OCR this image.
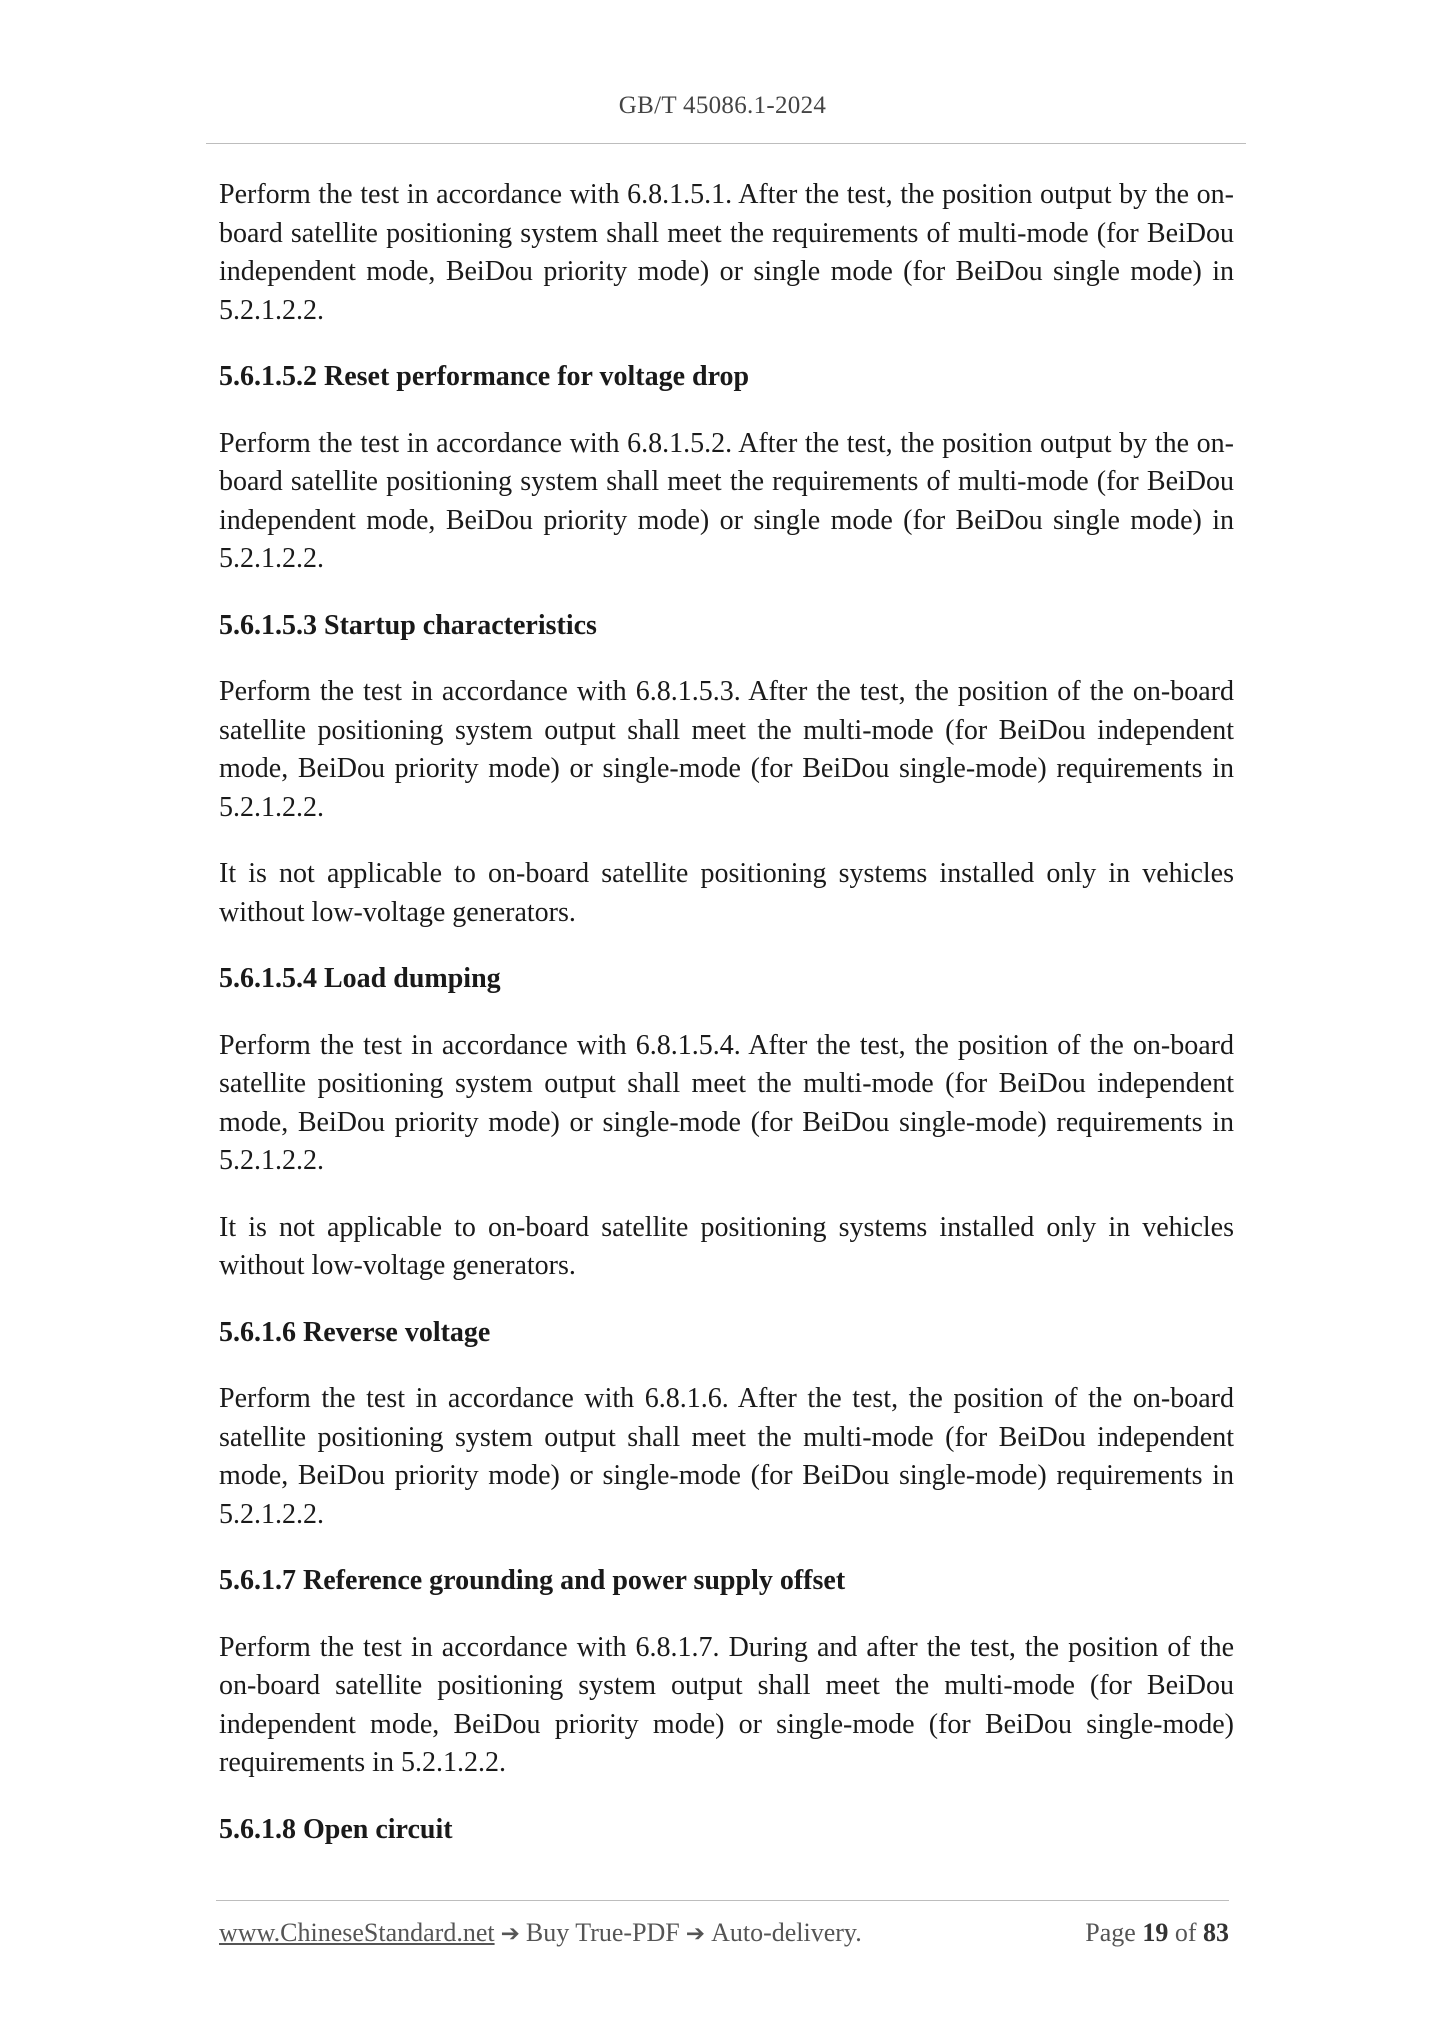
GB/T 45086.1-2024

Perform the test in accordance with 6.8.1.5.1. After the test, the position output by the on-board satellite positioning system shall meet the requirements of multi-mode (for BeiDou independent mode, BeiDou priority mode) or single mode (for BeiDou single mode) in 5.2.1.2.2.

5.6.1.5.2 Reset performance for voltage drop

Perform the test in accordance with 6.8.1.5.2. After the test, the position output by the on-board satellite positioning system shall meet the requirements of multi-mode (for BeiDou independent mode, BeiDou priority mode) or single mode (for BeiDou single mode) in 5.2.1.2.2.

5.6.1.5.3 Startup characteristics

Perform the test in accordance with 6.8.1.5.3. After the test, the position of the on-board satellite positioning system output shall meet the multi-mode (for BeiDou independent mode, BeiDou priority mode) or single-mode (for BeiDou single-mode) requirements in 5.2.1.2.2.

It is not applicable to on-board satellite positioning systems installed only in vehicles without low-voltage generators.

5.6.1.5.4 Load dumping

Perform the test in accordance with 6.8.1.5.4. After the test, the position of the on-board satellite positioning system output shall meet the multi-mode (for BeiDou independent mode, BeiDou priority mode) or single-mode (for BeiDou single-mode) requirements in 5.2.1.2.2.

It is not applicable to on-board satellite positioning systems installed only in vehicles without low-voltage generators.

5.6.1.6 Reverse voltage

Perform the test in accordance with 6.8.1.6. After the test, the position of the on-board satellite positioning system output shall meet the multi-mode (for BeiDou independent mode, BeiDou priority mode) or single-mode (for BeiDou single-mode) requirements in 5.2.1.2.2.

5.6.1.7 Reference grounding and power supply offset

Perform the test in accordance with 6.8.1.7. During and after the test, the position of the on-board satellite positioning system output shall meet the multi-mode (for BeiDou independent mode, BeiDou priority mode) or single-mode (for BeiDou single-mode) requirements in 5.2.1.2.2.

5.6.1.8 Open circuit

www.ChineseStandard.net ➔ Buy True-PDF ➔ Auto-delivery.	Page 19 of 83
